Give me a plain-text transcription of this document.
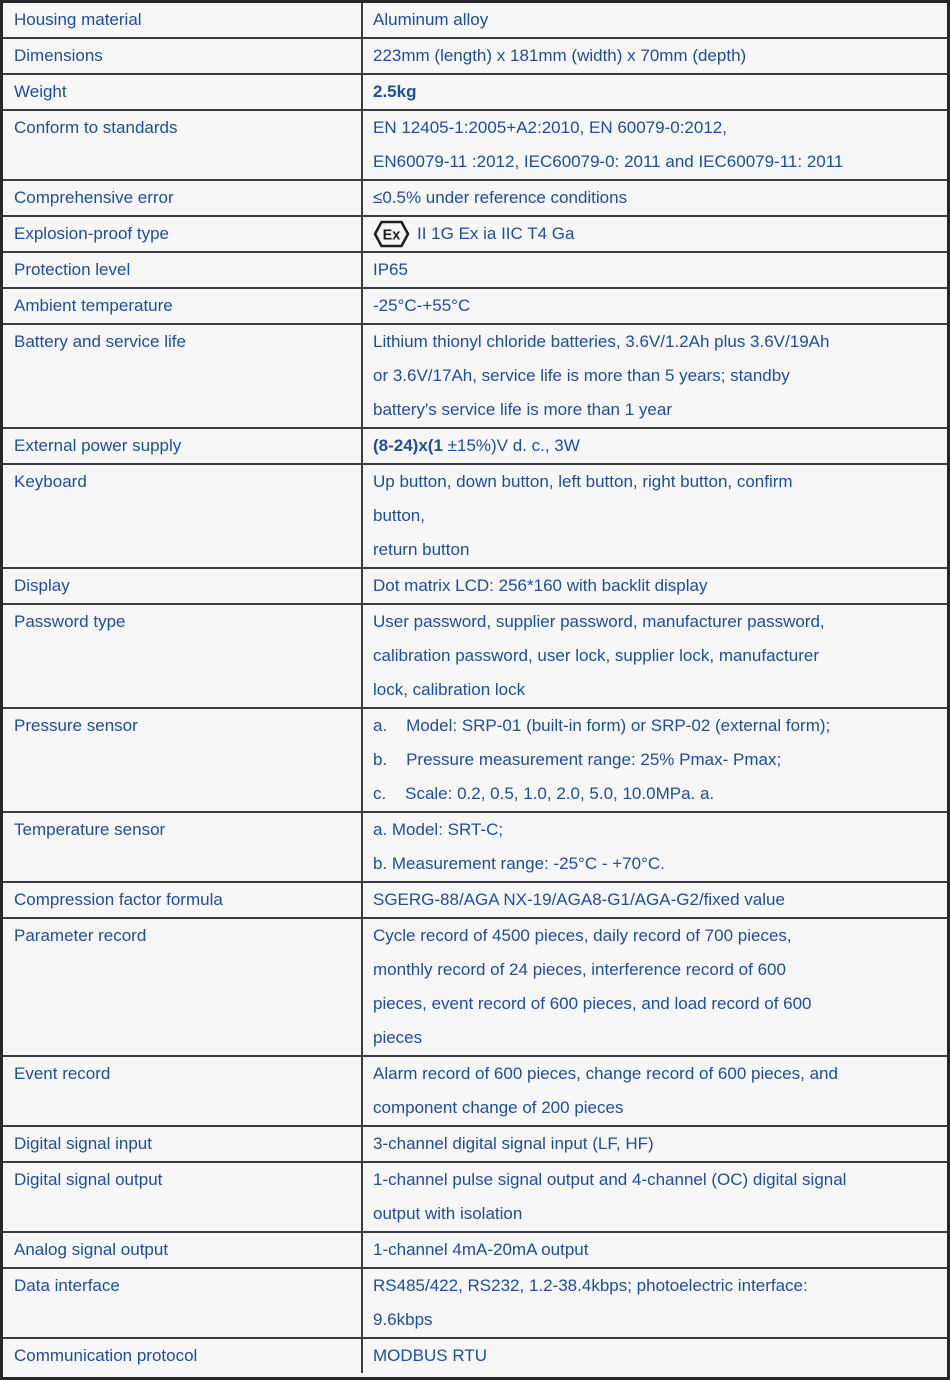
Housing material	Aluminum alloy
Dimensions	223mm (length) x 181mm (width) x 70mm (depth)
Weight	2.5kg
Conform to standards	EN 12405-1:2005+A2:2010, EN 60079-0:2012,
EN60079-11 :2012, IEC60079-0: 2011 and IEC60079-11: 2011
Comprehensive error	≤0.5% under reference conditions
Explosion-proof type	Ex II 1G Ex ia IIC T4 Ga
Protection level	IP65
Ambient temperature	-25°C-+55°C
Battery and service life	Lithium thionyl chloride batteries, 3.6V/1.2Ah plus 3.6V/19Ah
or 3.6V/17Ah, service life is more than 5 years; standby
battery's service life is more than 1 year
External power supply	(8-24)x(1 ±15%)V d. c., 3W
Keyboard	Up button, down button, left button, right button, confirm
button,
return button
Display	Dot matrix LCD: 256*160 with backlit display
Password type	User password, supplier password, manufacturer password,
calibration password, user lock, supplier lock, manufacturer
lock, calibration lock
Pressure sensor	a.    Model: SRP-01 (built-in form) or SRP-02 (external form);
b.    Pressure measurement range: 25% Pmax- Pmax;
c.    Scale: 0.2, 0.5, 1.0, 2.0, 5.0, 10.0MPa. a.
Temperature sensor	a. Model: SRT-C;
b. Measurement range: -25°C - +70°C.
Compression factor formula	SGERG-88/AGA NX-19/AGA8-G1/AGA-G2/fixed value
Parameter record	Cycle record of 4500 pieces, daily record of 700 pieces,
monthly record of 24 pieces, interference record of 600
pieces, event record of 600 pieces, and load record of 600
pieces
Event record	Alarm record of 600 pieces, change record of 600 pieces, and
component change of 200 pieces
Digital signal input	3-channel digital signal input (LF, HF)
Digital signal output	1-channel pulse signal output and 4-channel (OC) digital signal
output with isolation
Analog signal output	1-channel 4mA-20mA output
Data interface	RS485/422, RS232, 1.2-38.4kbps; photoelectric interface:
9.6kbps
Communication protocol	MODBUS RTU
